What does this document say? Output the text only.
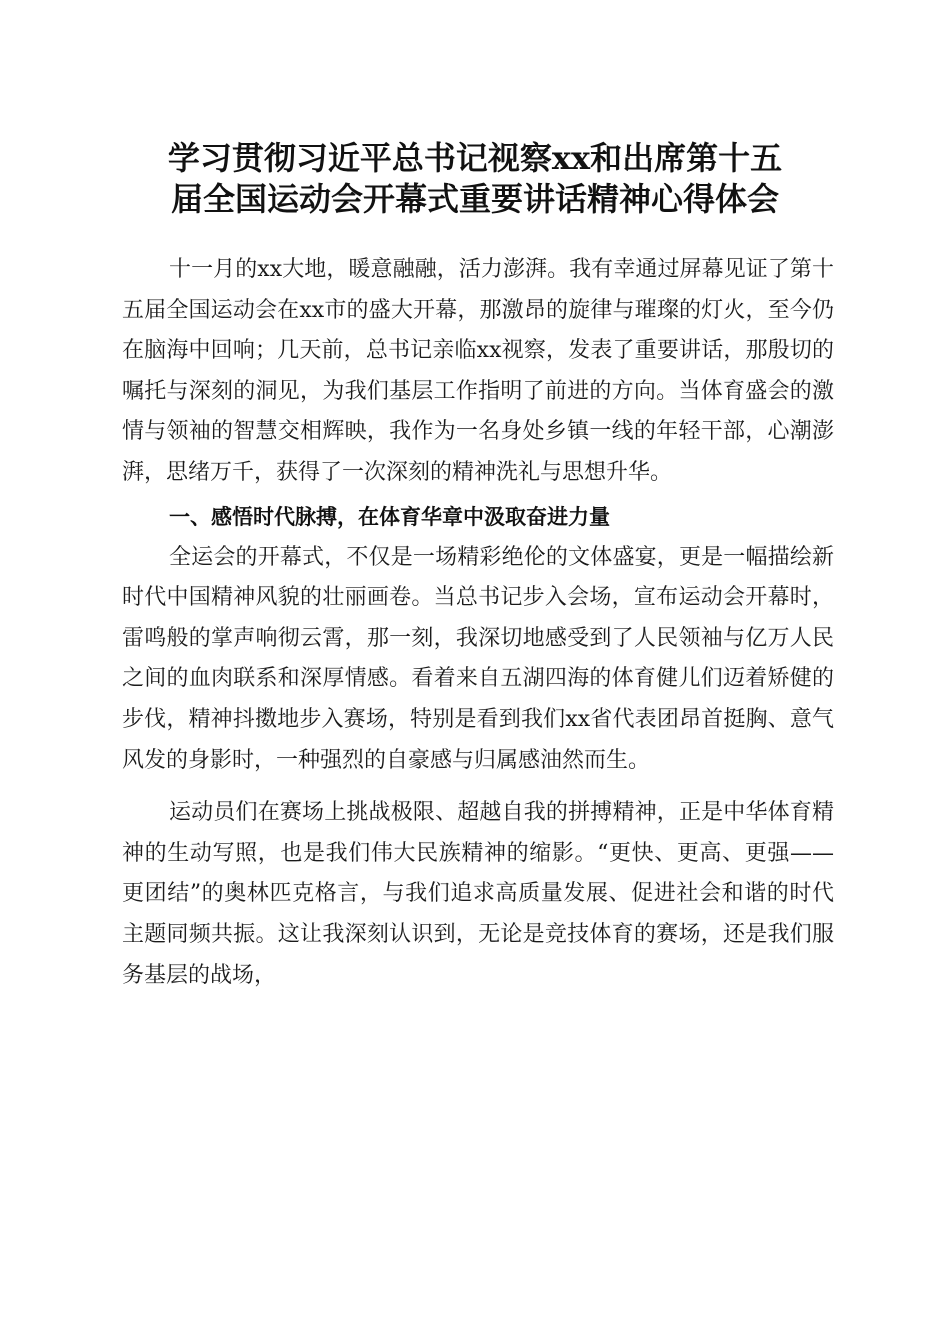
学习贯彻习近平总书记视察xx和出席第十五
届全国运动会开幕式重要讲话精神心得体会

十一月的xx大地，暖意融融，活力澎湃。我有幸通过屏幕见证了第十五届全国运动会在xx市的盛大开幕，那激昂的旋律与璀璨的灯火，至今仍在脑海中回响；几天前，总书记亲临xx视察，发表了重要讲话，那殷切的嘱托与深刻的洞见，为我们基层工作指明了前进的方向。当体育盛会的激情与领袖的智慧交相辉映，我作为一名身处乡镇一线的年轻干部，心潮澎湃，思绪万千，获得了一次深刻的精神洗礼与思想升华。

一、感悟时代脉搏，在体育华章中汲取奋进力量

全运会的开幕式，不仅是一场精彩绝伦的文体盛宴，更是一幅描绘新时代中国精神风貌的壮丽画卷。当总书记步入会场，宣布运动会开幕时，雷鸣般的掌声响彻云霄，那一刻，我深切地感受到了人民领袖与亿万人民之间的血肉联系和深厚情感。看着来自五湖四海的体育健儿们迈着矫健的步伐，精神抖擞地步入赛场，特别是看到我们xx省代表团昂首挺胸、意气风发的身影时，一种强烈的自豪感与归属感油然而生。

运动员们在赛场上挑战极限、超越自我的拼搏精神，正是中华体育精神的生动写照，也是我们伟大民族精神的缩影。“更快、更高、更强——更团结”的奥林匹克格言，与我们追求高质量发展、促进社会和谐的时代主题同频共振。这让我深刻认识到，无论是竞技体育的赛场，还是我们服务基层的战场，
